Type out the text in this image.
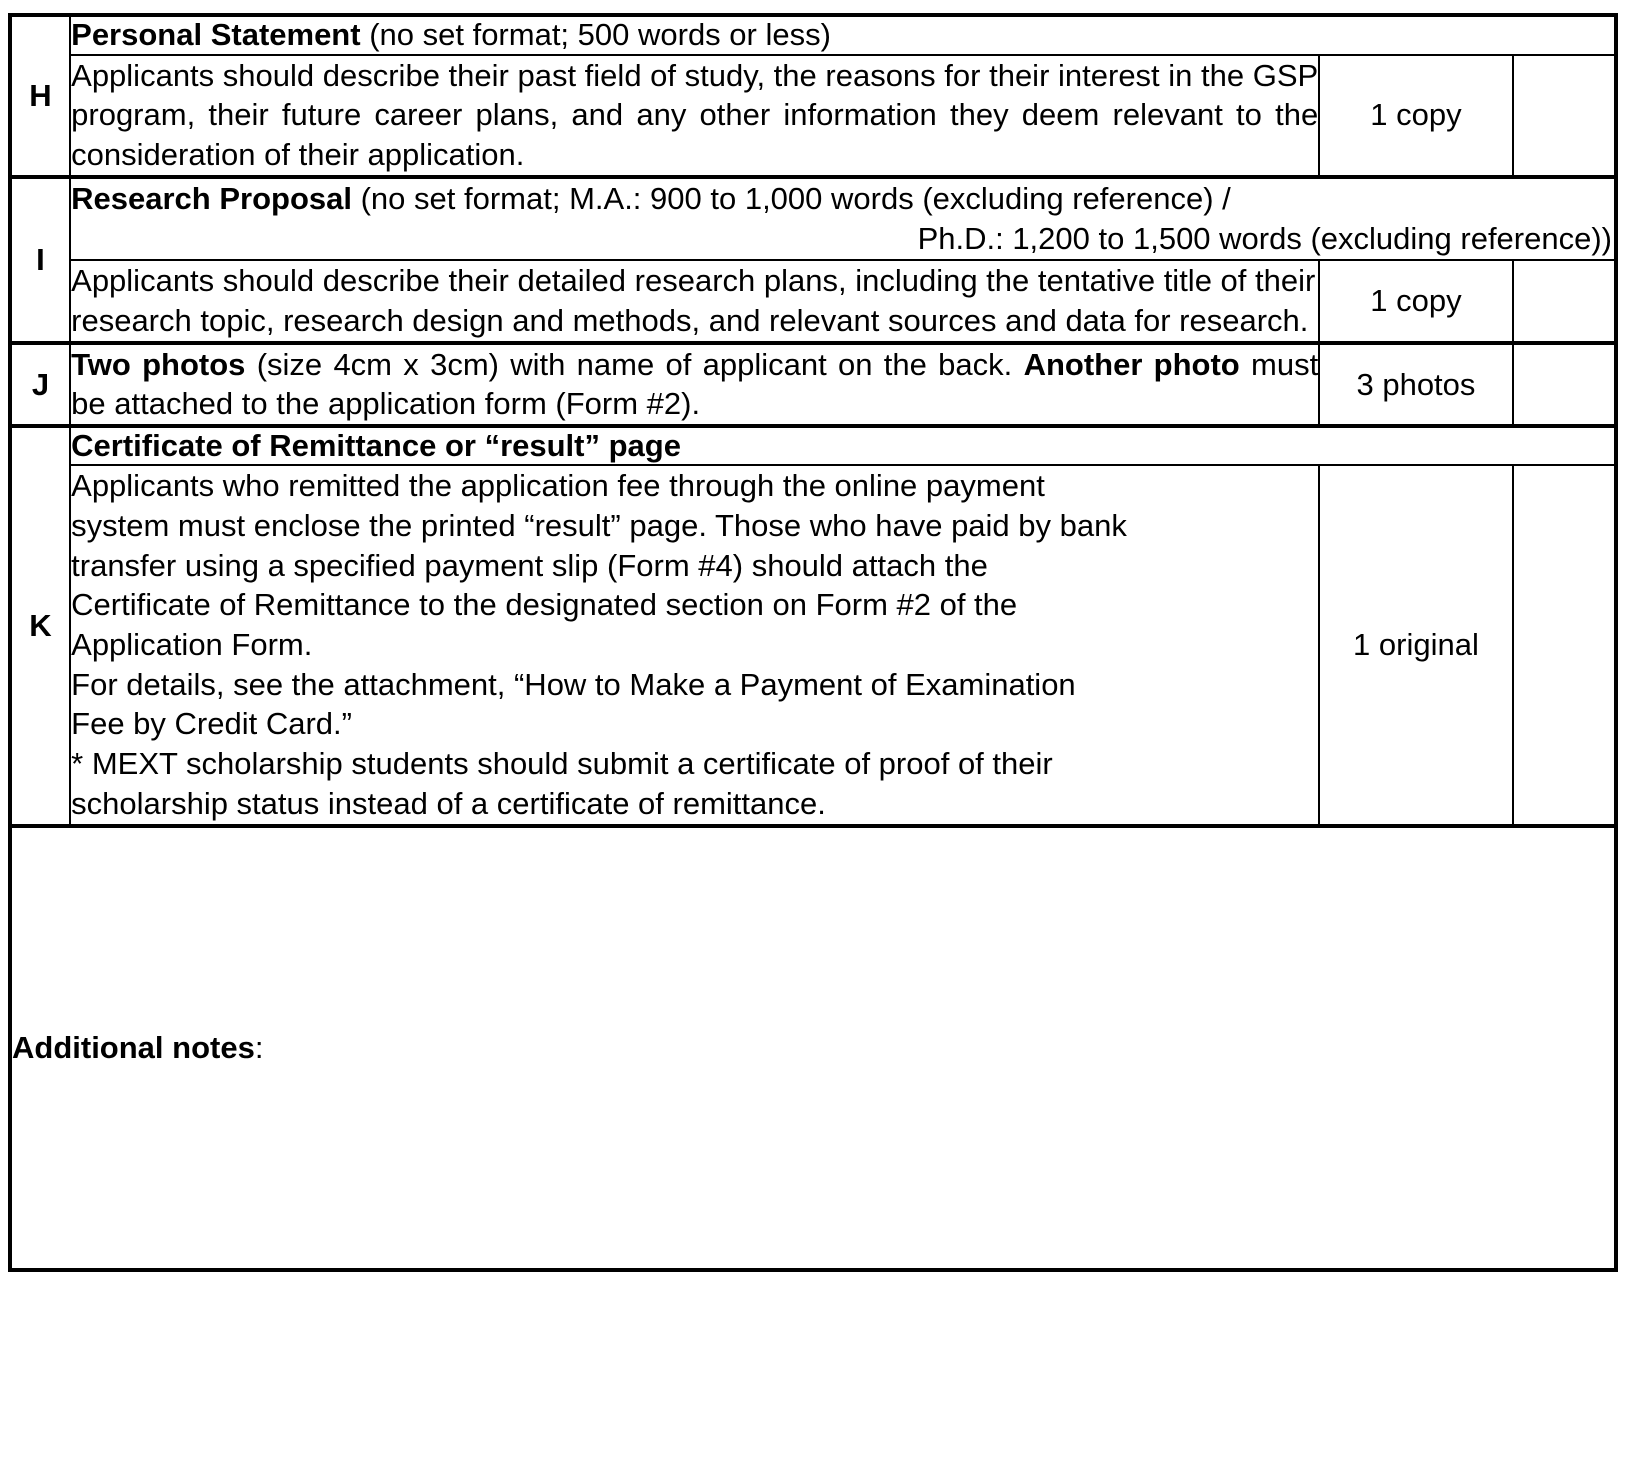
H	Personal Statement (no set format; 500 words or less)		
	Applicants should describe their past field of study, the reasons for their interest in the GSP program, their future career plans, and any other information they deem relevant to the consideration of their application.	1 copy	
I	Research Proposal (no set format; M.A.: 900 to 1,000 words (excluding reference) /
Ph.D.: 1,200 to 1,500 words (excluding reference))		

	Applicants should describe their detailed research plans, including the tentative title of their research topic, research design and methods, and relevant sources and data for research.	1 copy	
J	Two photos (size 4cm x 3cm) with name of applicant on the back. Another photo must be attached to the application form (Form #2).	3 photos	
K	Certificate of Remittance or “result” page		

Applicants who remitted the application fee through the online payment
system must enclose the printed “result” page. Those who have paid by bank
transfer using a specified payment slip (Form #4) should attach the
Certificate of Remittance to the designated section on Form #2 of the
Application Form.
For details, see the attachment, “How to Make a Payment of Examination
Fee by Credit Card.”
* MEXT scholarship students should submit a certificate of proof of their
scholarship status instead of a certificate of remittance.
	1 original	

Additional notes:			
